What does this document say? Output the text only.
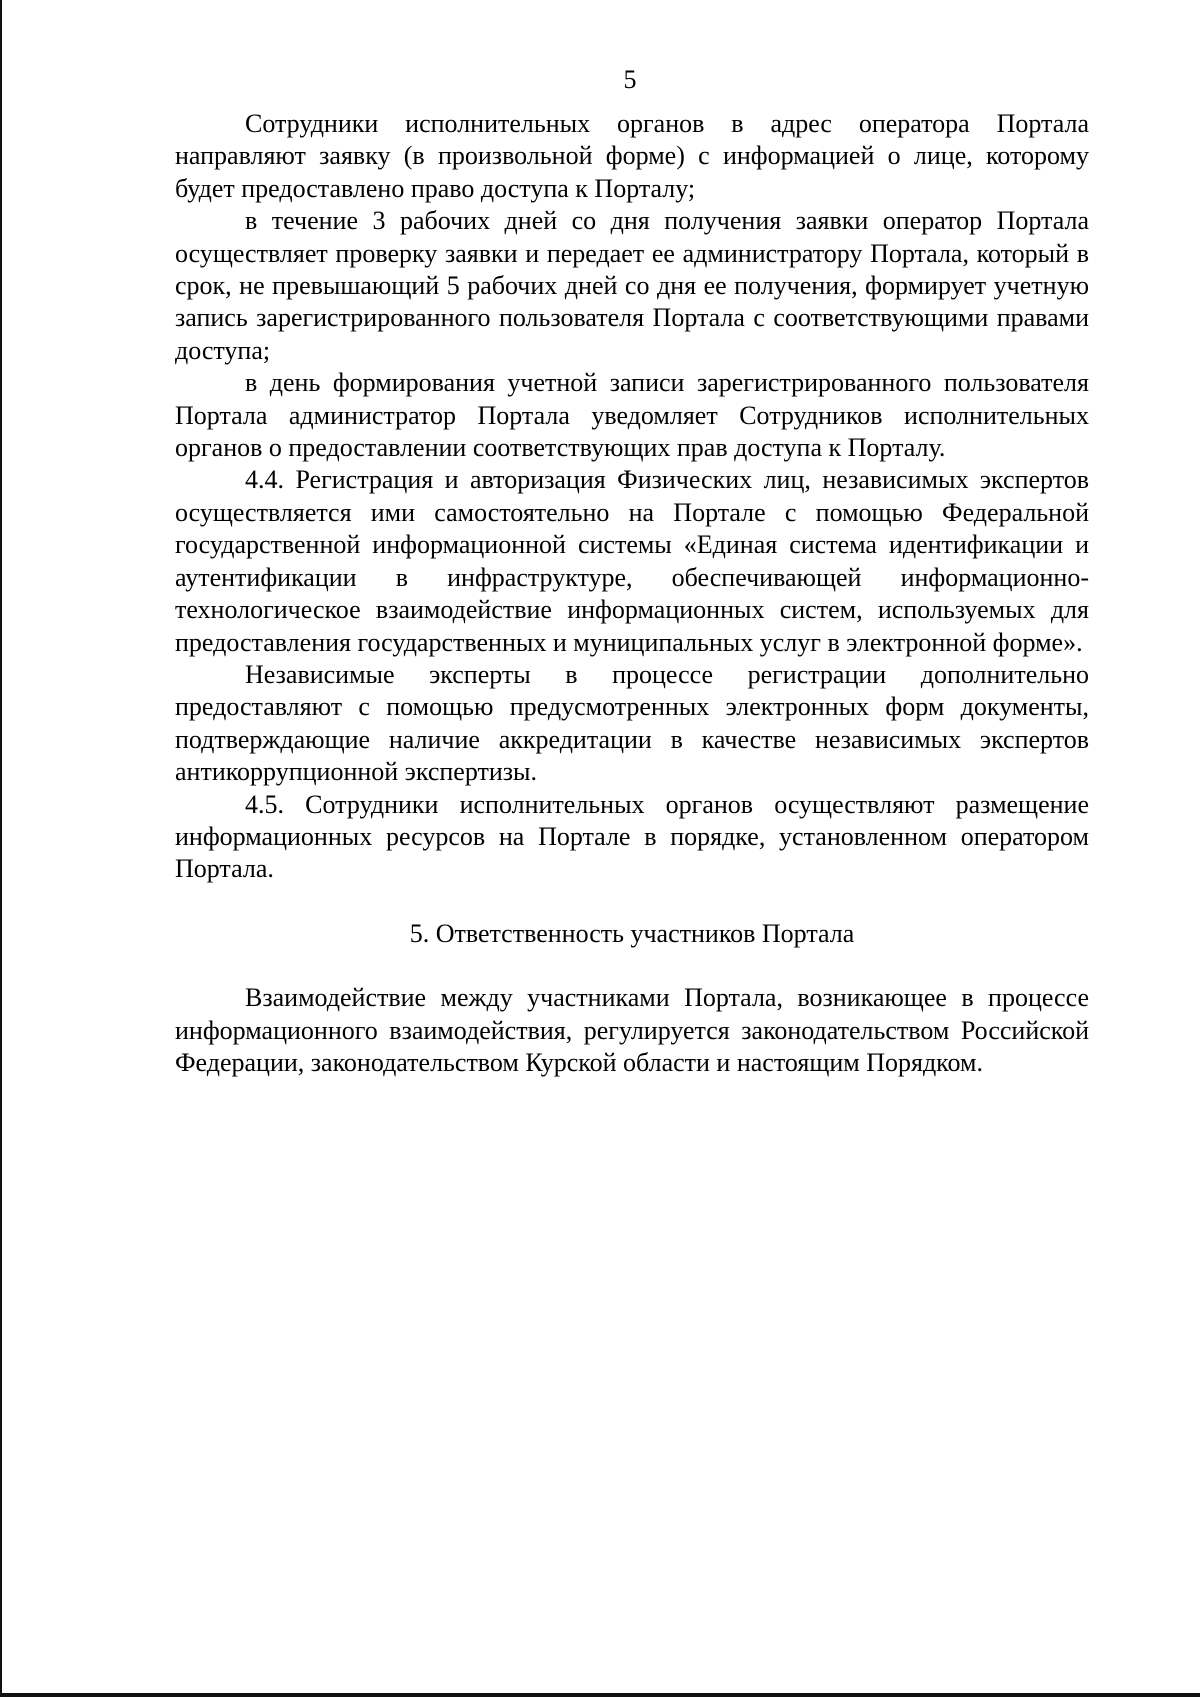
5

Сотрудники исполнительных органов в адрес оператора Портала направляют заявку (в произвольной форме) с информацией о лице, которому будет предоставлено право доступа к Порталу;

в течение 3 рабочих дней со дня получения заявки оператор Портала осуществляет проверку заявки и передает ее администратору Портала, который в срок, не превышающий 5 рабочих дней со дня ее получения, формирует учетную запись зарегистрированного пользователя Портала с соответствующими правами доступа;

в день формирования учетной записи зарегистрированного пользователя Портала администратор Портала уведомляет Сотрудников исполнительных органов о предоставлении соответствующих прав доступа к Порталу.

4.4. Регистрация и авторизация Физических лиц, независимых экспертов осуществляется ими самостоятельно на Портале с помощью Федеральной государственной информационной системы «Единая система идентификации и аутентификации в инфраструктуре, обеспечивающей информационно-технологическое взаимодействие информационных систем, используемых для предоставления государственных и муниципальных услуг в электронной форме».

Независимые эксперты в процессе регистрации дополнительно предоставляют с помощью предусмотренных электронных форм документы, подтверждающие наличие аккредитации в качестве независимых экспертов антикоррупционной экспертизы.

4.5. Сотрудники исполнительных органов осуществляют размещение информационных ресурсов на Портале в порядке, установленном оператором Портала.

5. Ответственность участников Портала

Взаимодействие между участниками Портала, возникающее в процессе информационного взаимодействия, регулируется законодательством Российской Федерации, законодательством Курской области и настоящим Порядком.
